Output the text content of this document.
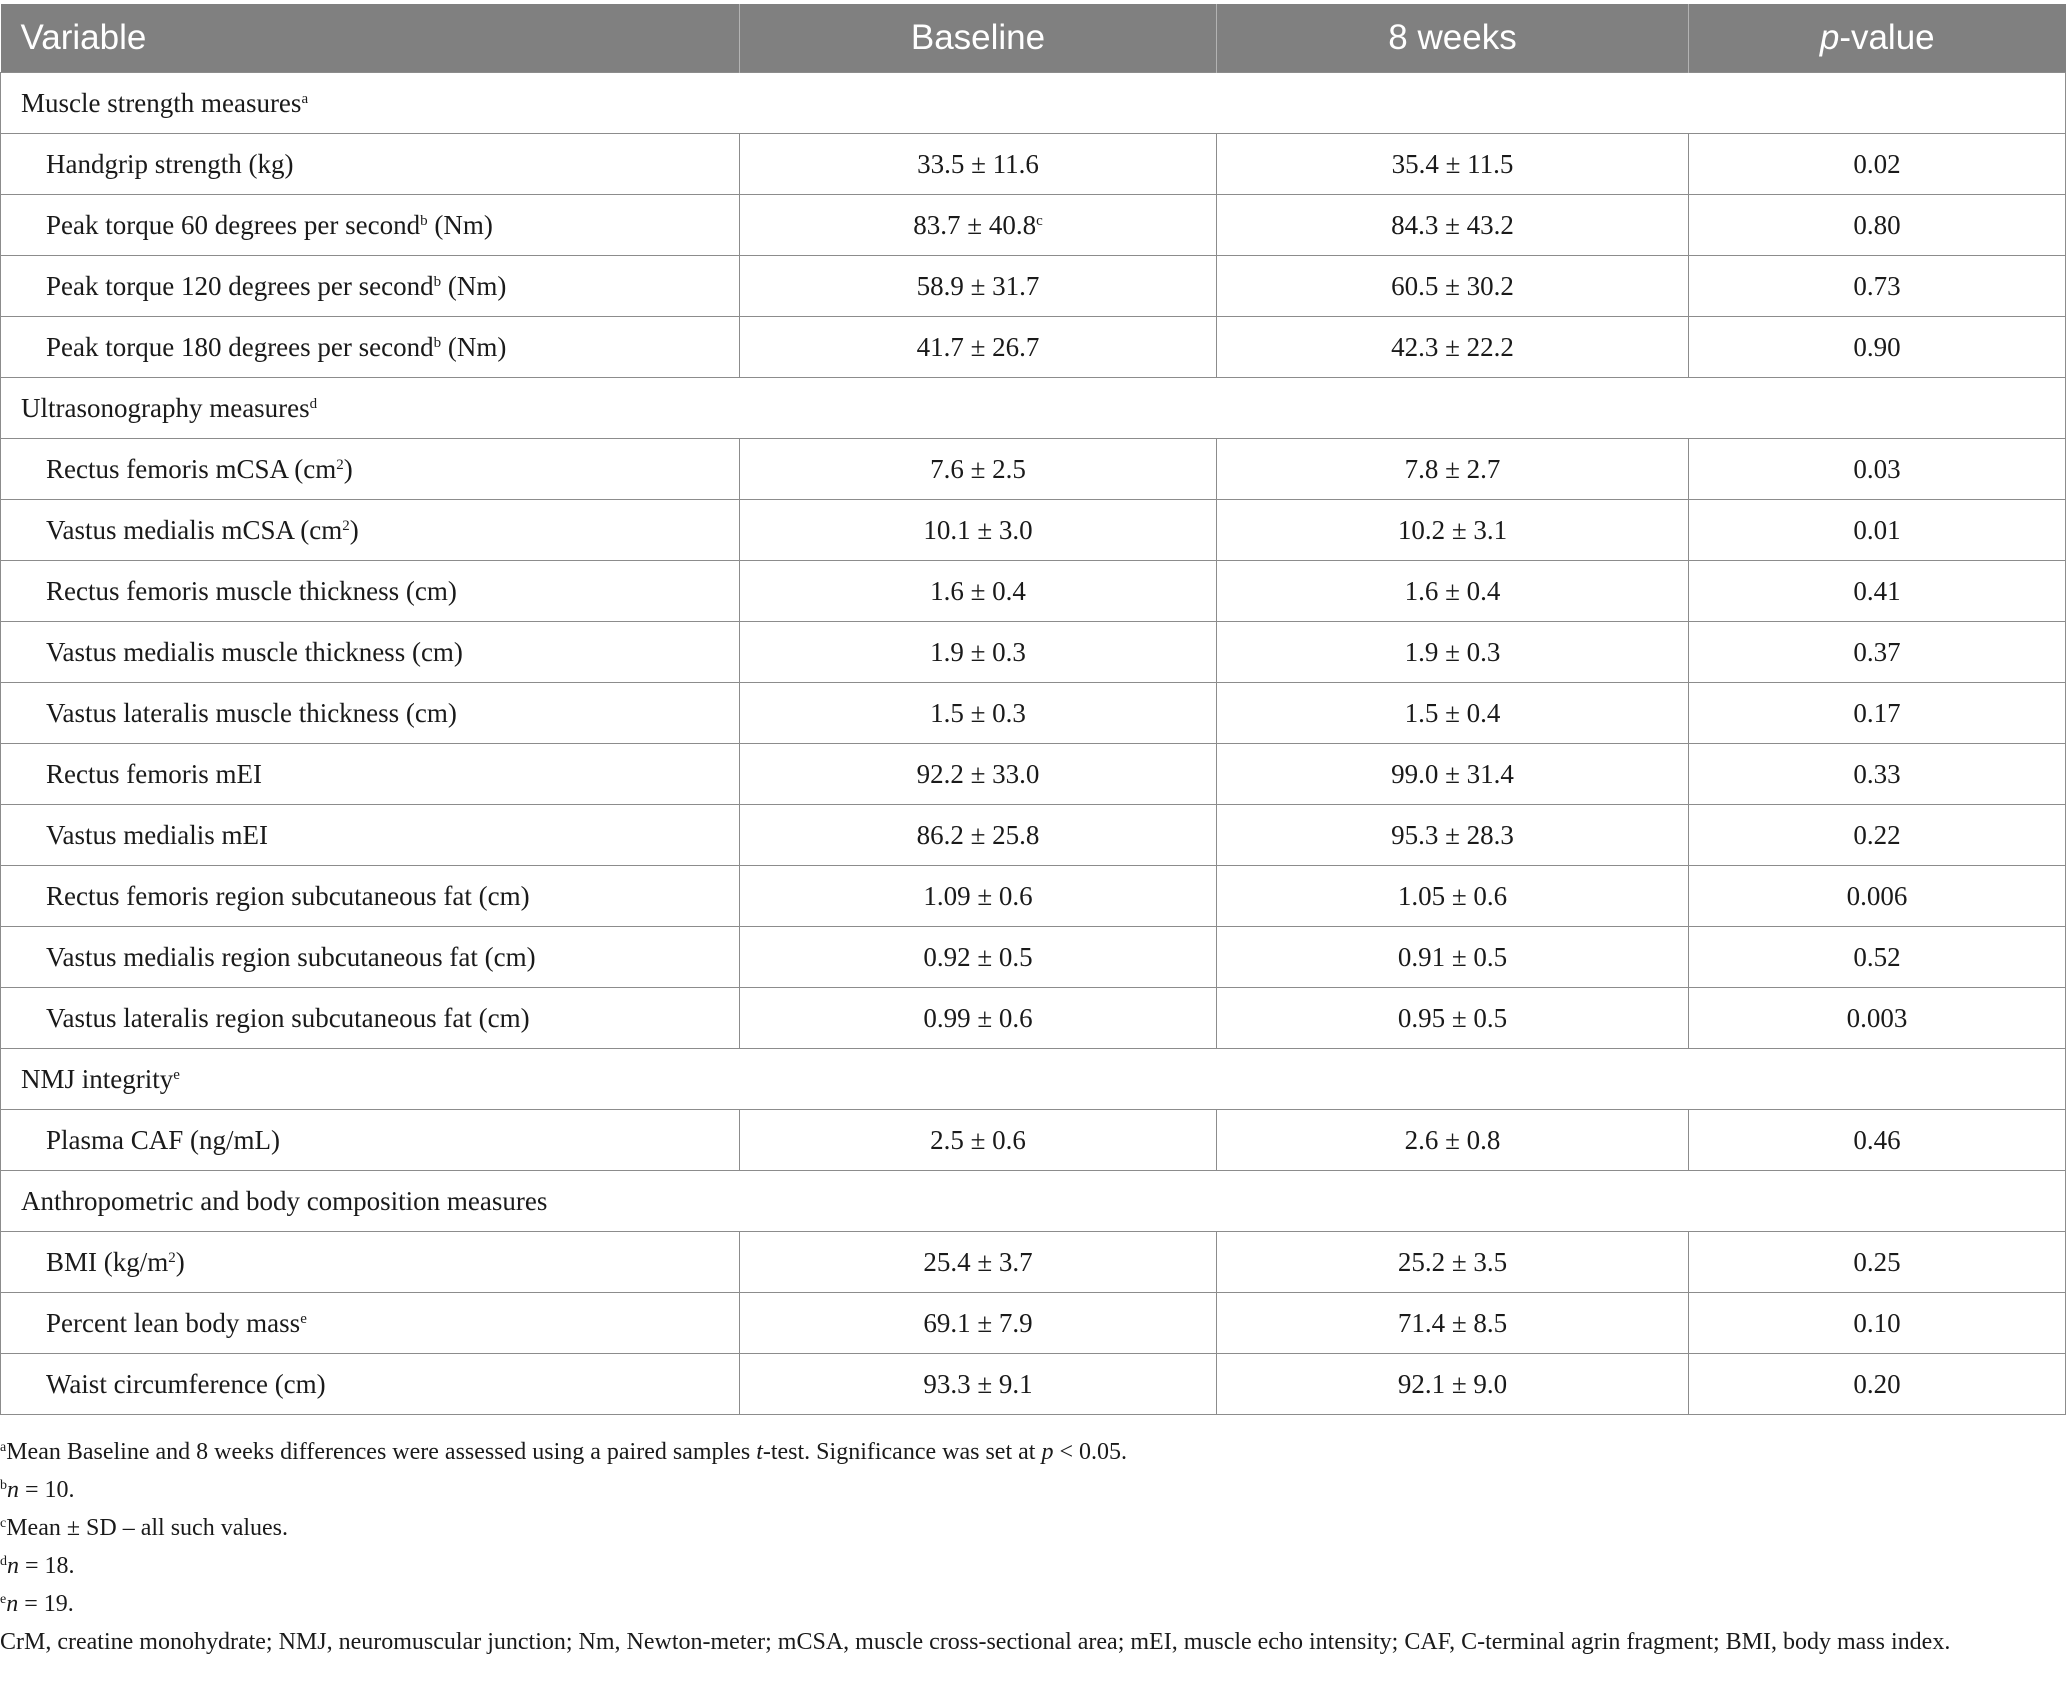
Variable	Baseline	8 weeks	p-value
Muscle strength measures$^a$
Handgrip strength (kg)	33.5 ± 11.6	35.4 ± 11.5	0.02
Peak torque 60 degrees per second$^b$ (Nm)	83.7 ± 40.8$^c$	84.3 ± 43.2	0.80
Peak torque 120 degrees per second$^b$ (Nm)	58.9 ± 31.7	60.5 ± 30.2	0.73
Peak torque 180 degrees per second$^b$ (Nm)	41.7 ± 26.7	42.3 ± 22.2	0.90
Ultrasonography measures$^d$
Rectus femoris mCSA $(cm^2)$	7.6 ± 2.5	7.8 ± 2.7	0.03
Vastus medialis mCSA $(cm^2)$	10.1 ± 3.0	10.2 ± 3.1	0.01
Rectus femoris muscle thickness (cm)	1.6 ± 0.4	1.6 ± 0.4	0.41
Vastus medialis muscle thickness (cm)	1.9 ± 0.3	1.9 ± 0.3	0.37
Vastus lateralis muscle thickness (cm)	1.5 ± 0.3	1.5 ± 0.4	0.17
Rectus femoris mEI	92.2 ± 33.0	99.0 ± 31.4	0.33
Vastus medialis mEI	86.2 ± 25.8	95.3 ± 28.3	0.22
Rectus femoris region subcutaneous fat (cm)	1.09 ± 0.6	1.05 ± 0.6	0.006
Vastus medialis region subcutaneous fat (cm)	0.92 ± 0.5	0.91 ± 0.5	0.52
Vastus lateralis region subcutaneous fat (cm)	0.99 ± 0.6	0.95 ± 0.5	0.003
NMJ integrity$^e$
Plasma CAF (ng/mL)	2.5 ± 0.6	2.6 ± 0.8	0.46
Anthropometric and body composition measures			
BMI $(kg/m^2)$	25.4 ± 3.7	25.2 ± 3.5	0.25
Percent lean body mass$^e$	69.1 ± 7.9	71.4 ± 8.5	0.10
Waist circumference (cm)	93.3 ± 9.1	92.1 ± 9.0	0.20

$^a$Mean Baseline and 8 weeks differences were assessed using a paired samples t-test. Significance was set at p < 0.05.

$^b$n = 10.

$^c$Mean ± SD – all such values.

$^d$n = 18.

$^e$n = 19.

CrM, creatine monohydrate; NMJ, neuromuscular junction; Nm, Newton-meter; mCSA, muscle cross-sectional area; mEI, muscle echo intensity; CAF, C-terminal agrin fragment; BMI, body mass index.
